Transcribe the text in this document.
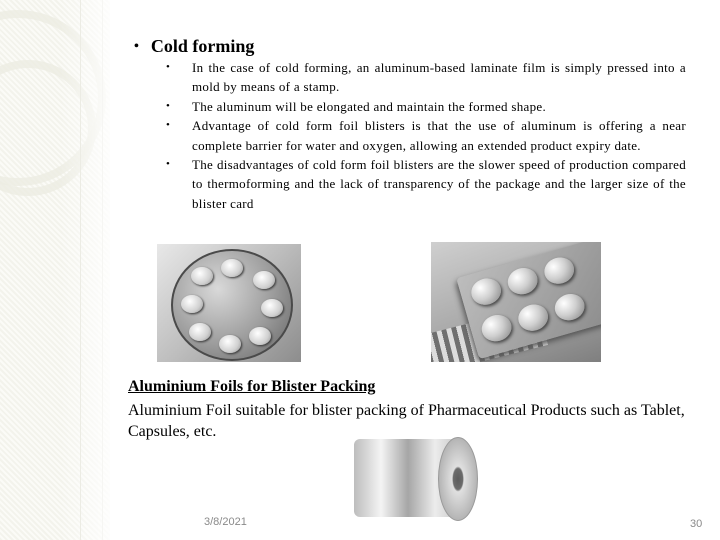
• Cold forming
• In the case of cold forming, an aluminum-based laminate film is simply pressed into a mold by means of a stamp.
• The aluminum will be elongated and maintain the formed shape.
• Advantage of cold form foil blisters is that the use of aluminum is offering a near complete barrier for water and oxygen, allowing an extended product expiry date.
• The disadvantages of cold form foil blisters are the slower speed of production compared to thermoforming and the lack of transparency of the package and the larger size of the blister card
Aluminium Foils for Blister Packing
Aluminium Foil suitable for blister packing of Pharmaceutical Products such as Tablet, Capsules, etc.
3/8/2021	30
